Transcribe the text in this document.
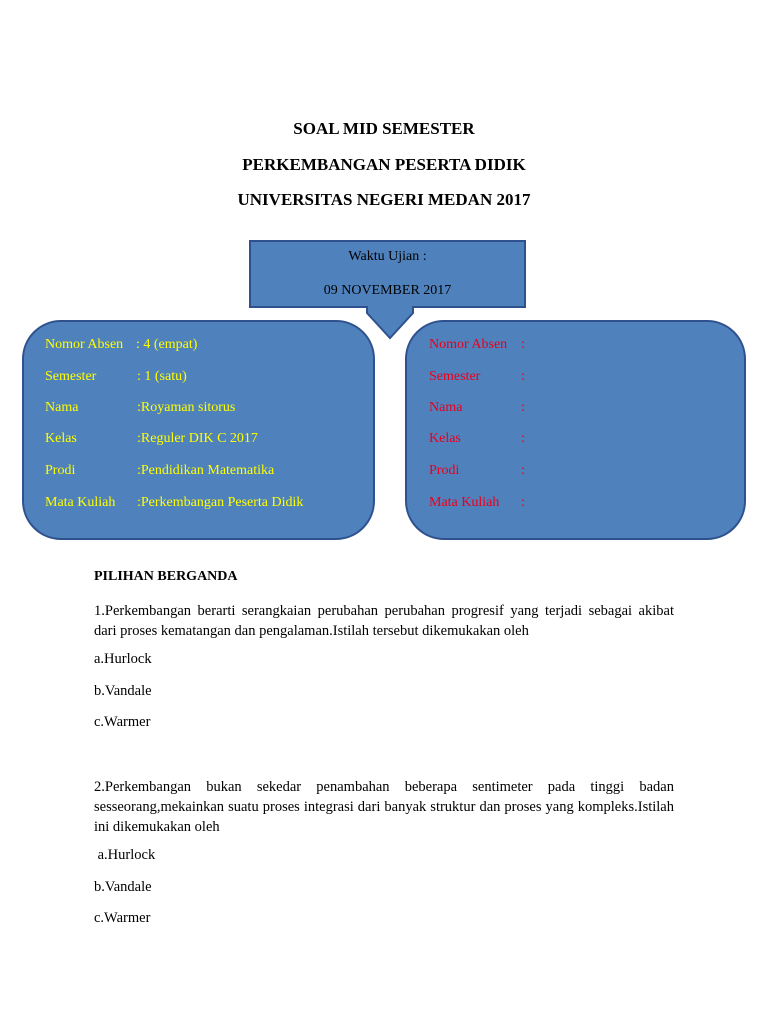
SOAL MID SEMESTER
PERKEMBANGAN PESERTA DIDIK
UNIVERSITAS NEGERI MEDAN 2017
Waktu Ujian :
09 NOVEMBER 2017
Nomor Absen : 4 (empat)
Semester	: 1 (satu)
Nama	:Royaman sitorus
Kelas	:Reguler DIK C 2017
Prodi	:Pendidikan Matematika
Mata Kuliah :Perkembangan Peserta Didik
Nomor Absen :
Semester	:
Nama	:
Kelas	:
Prodi	:
Mata Kuliah :
PILIHAN BERGANDA
1.Perkembangan berarti serangkaian perubahan perubahan progresif yang terjadi sebagai akibat dari proses kematangan dan pengalaman.Istilah tersebut dikemukakan oleh
a.Hurlock
b.Vandale
c.Warmer
2.Perkembangan bukan sekedar penambahan beberapa sentimeter pada tinggi badan sesseorang,mekainkan suatu proses integrasi dari banyak struktur dan proses yang kompleks.Istilah ini dikemukakan oleh
a.Hurlock
b.Vandale
c.Warmer
